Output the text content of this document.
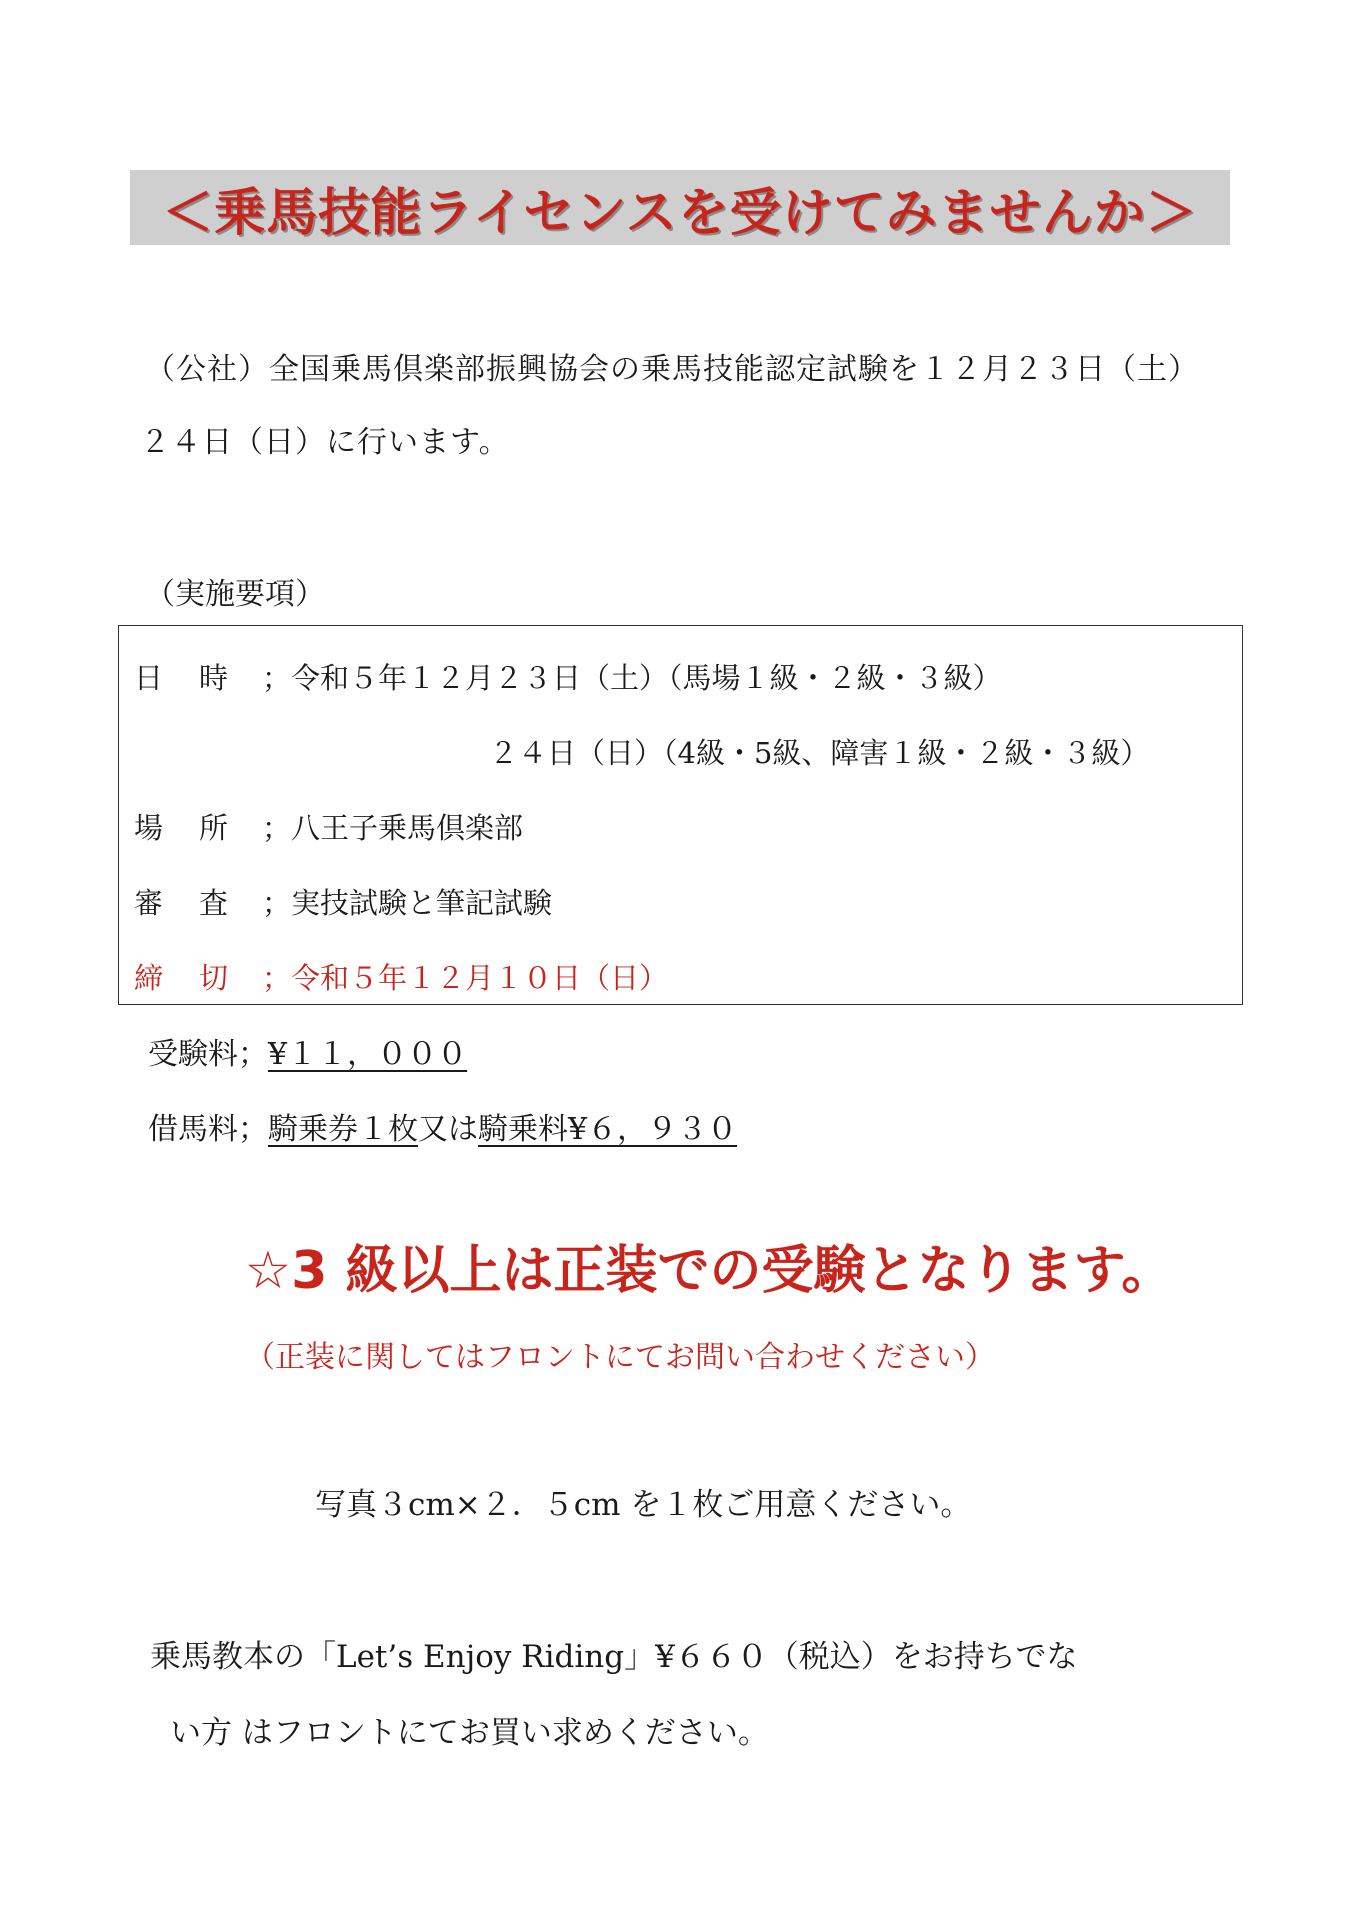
＜乗馬技能ライセンスを受けてみませんか＞
（公社）全国乗馬倶楽部振興協会の乗馬技能認定試験を１２月２３日（土）
２４日（日）に行います。
（実施要項）
日 時 ；令和５年１２月２３日（土）（馬場１級・２級・３級）
２４日（日）（4級・5級、障害１級・２級・３級）
場 所 ；八王子乗馬倶楽部
審 査 ；実技試験と筆記試験
締 切 ；令和５年１２月１０日（日）
受験料；¥１１，０００
借馬料；騎乗券１枚又は騎乗料¥６，９３０
☆3 級以上は正装での受験となります。
（正装に関してはフロントにてお問い合わせください）
写真３cm×２．５cm を１枚ご用意ください。
乗馬教本の「Let’s Enjoy Riding」¥６６０（税込）をお持ちでな
い方 はフロントにてお買い求めください。
